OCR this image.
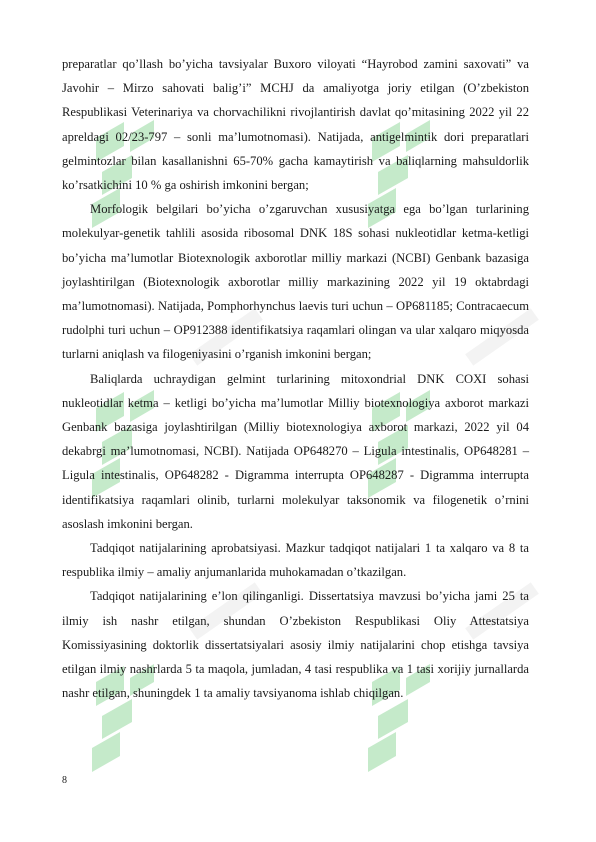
preparatlar qo’llash bo’yicha tavsiyalar Buxoro viloyati “Hayrobod zamini saxovati” va Javohir – Mirzo sahovati balig’i” MCHJ da amaliyotga joriy etilgan (O’zbekiston Respublikasi Veterinariya va chorvachilikni rivojlantirish davlat qo’mitasining 2022 yil 22 apreldagi 02/23-797 – sonli ma’lumotnomasi). Natijada, antigelmintik dori preparatlari gelmintozlar bilan kasallanishni 65-70% gacha kamaytirish va baliqlarning mahsuldorlik ko’rsatkichini 10 % ga oshirish imkonini bergan;

Morfologik belgilari bo’yicha o’zgaruvchan xususiyatga ega bo’lgan turlarining molekulyar-genetik tahlili asosida ribosomal DNK 18S sohasi nukleotidlar ketma-ketligi bo’yicha ma’lumotlar Biotexnologik axborotlar milliy markazi (NCBI) Genbank bazasiga joylashtirilgan (Biotexnologik axborotlar milliy markazining 2022 yil 19 oktabrdagi ma’lumotnomasi). Natijada, Pomphorhynchus laevis turi uchun – OP681185; Contracaecum rudolphi turi uchun – OP912388 identifikatsiya raqamlari olingan va ular xalqaro miqyosda turlarni aniqlash va filogeniyasini o’rganish imkonini bergan;

Baliqlarda uchraydigan gelmint turlarining mitoxondrial DNK COXI sohasi nukleotidlar ketma – ketligi bo’yicha ma’lumotlar Milliy biotexnologiya axborot markazi Genbank bazasiga joylashtirilgan (Milliy biotexnologiya axborot markazi, 2022 yil 04 dekabrgi ma’lumotnomasi, NCBI). Natijada OP648270 – Ligula intestinalis, OP648281 – Ligula intestinalis, OP648282 - Digramma interrupta OP648287 - Digramma interrupta identifikatsiya raqamlari olinib, turlarni molekulyar taksonomik va filogenetik o’rnini asoslash imkonini bergan.

Tadqiqot natijalarining aprobatsiyasi. Mazkur tadqiqot natijalari 1 ta xalqaro va 8 ta respublika ilmiy – amaliy anjumanlarida muhokamadan o’tkazilgan.

Tadqiqot natijalarining e’lon qilinganligi. Dissertatsiya mavzusi bo’yicha jami 25 ta ilmiy ish nashr etilgan, shundan O’zbekiston Respublikasi Oliy Attestatsiya Komissiyasining doktorlik dissertatsiyalari asosiy ilmiy natijalarini chop etishga tavsiya etilgan ilmiy nashrlarda 5 ta maqola, jumladan, 4 tasi respublika va 1 tasi xorijiy jurnallarda nashr etilgan, shuningdek 1 ta amaliy tavsiyanoma ishlab chiqilgan.

8
